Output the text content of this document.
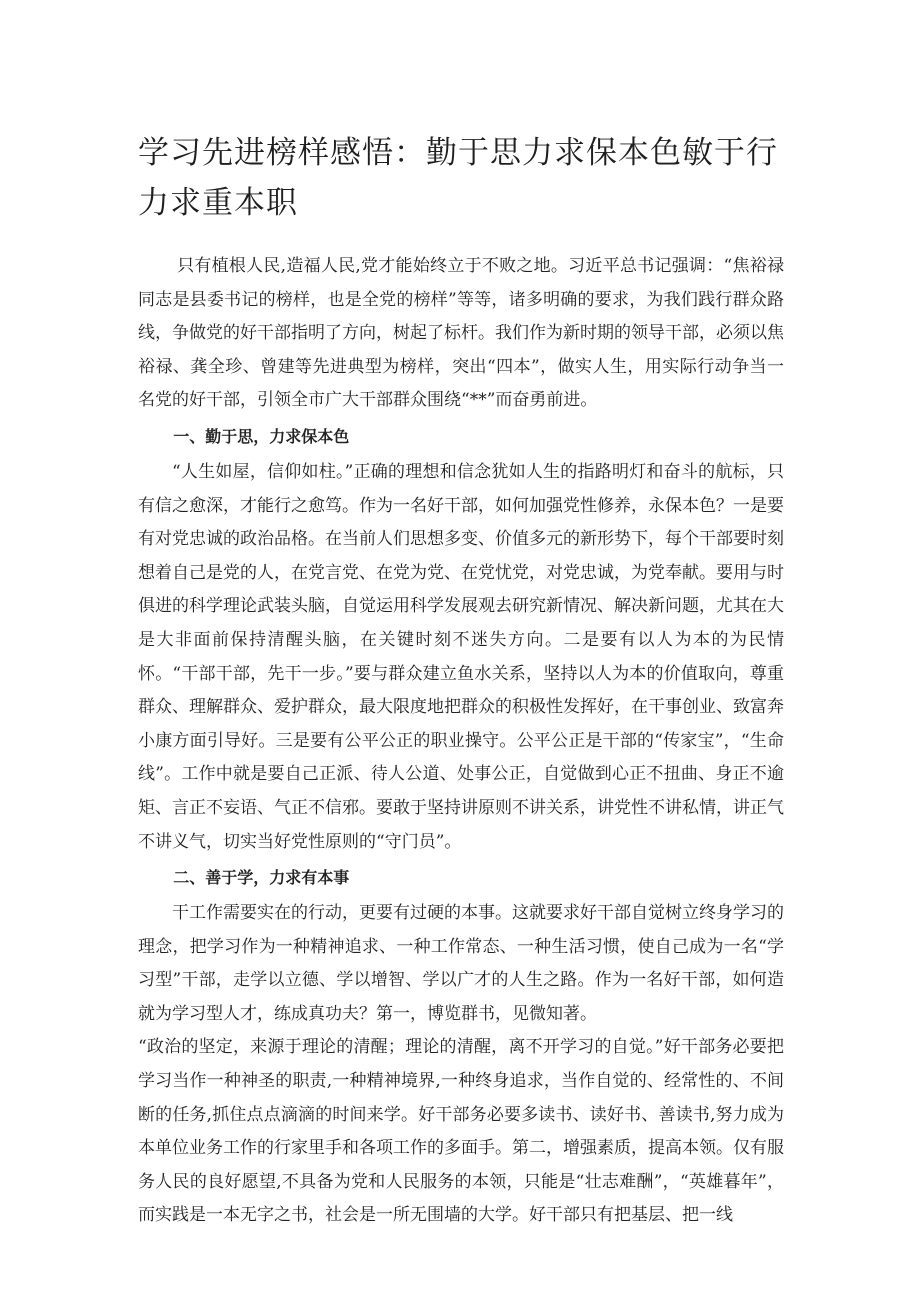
学习先进榜样感悟：勤于思力求保本色敏于行力求重本职

只有植根人民,造福人民,党才能始终立于不败之地。习近平总书记强调：“焦裕禄同志是县委书记的榜样，也是全党的榜样”等等，诸多明确的要求，为我们践行群众路线，争做党的好干部指明了方向，树起了标杆。我们作为新时期的领导干部，必须以焦裕禄、龚全珍、曾建等先进典型为榜样，突出“四本”，做实人生，用实际行动争当一名党的好干部，引领全市广大干部群众围绕“**”而奋勇前进。

一、勤于思，力求保本色

“人生如屋，信仰如柱。”正确的理想和信念犹如人生的指路明灯和奋斗的航标，只有信之愈深，才能行之愈笃。作为一名好干部，如何加强党性修养，永保本色？一是要有对党忠诚的政治品格。在当前人们思想多变、价值多元的新形势下，每个干部要时刻想着自己是党的人，在党言党、在党为党、在党忧党，对党忠诚，为党奉献。要用与时俱进的科学理论武装头脑，自觉运用科学发展观去研究新情况、解决新问题，尤其在大是大非面前保持清醒头脑，在关键时刻不迷失方向。二是要有以人为本的为民情怀。“干部干部，先干一步。”要与群众建立鱼水关系，坚持以人为本的价值取向，尊重群众、理解群众、爱护群众，最大限度地把群众的积极性发挥好，在干事创业、致富奔小康方面引导好。三是要有公平公正的职业操守。公平公正是干部的“传家宝”，“生命线”。工作中就是要自己正派、待人公道、处事公正，自觉做到心正不扭曲、身正不逾矩、言正不妄语、气正不信邪。要敢于坚持讲原则不讲关系，讲党性不讲私情，讲正气不讲义气，切实当好党性原则的“守门员”。

二、善于学，力求有本事

干工作需要实在的行动，更要有过硬的本事。这就要求好干部自觉树立终身学习的理念，把学习作为一种精神追求、一种工作常态、一种生活习惯，使自己成为一名“学习型”干部，走学以立德、学以增智、学以广才的人生之路。作为一名好干部，如何造就为学习型人才，练成真功夫？第一，博览群书，见微知著。

“政治的坚定，来源于理论的清醒；理论的清醒，离不开学习的自觉。”好干部务必要把学习当作一种神圣的职责,一种精神境界,一种终身追求，当作自觉的、经常性的、不间断的任务,抓住点点滴滴的时间来学。好干部务必要多读书、读好书、善读书,努力成为本单位业务工作的行家里手和各项工作的多面手。第二，增强素质，提高本领。仅有服务人民的良好愿望,不具备为党和人民服务的本领，只能是“壮志难酬”，“英雄暮年”，而实践是一本无字之书，社会是一所无围墙的大学。好干部只有把基层、把一线
